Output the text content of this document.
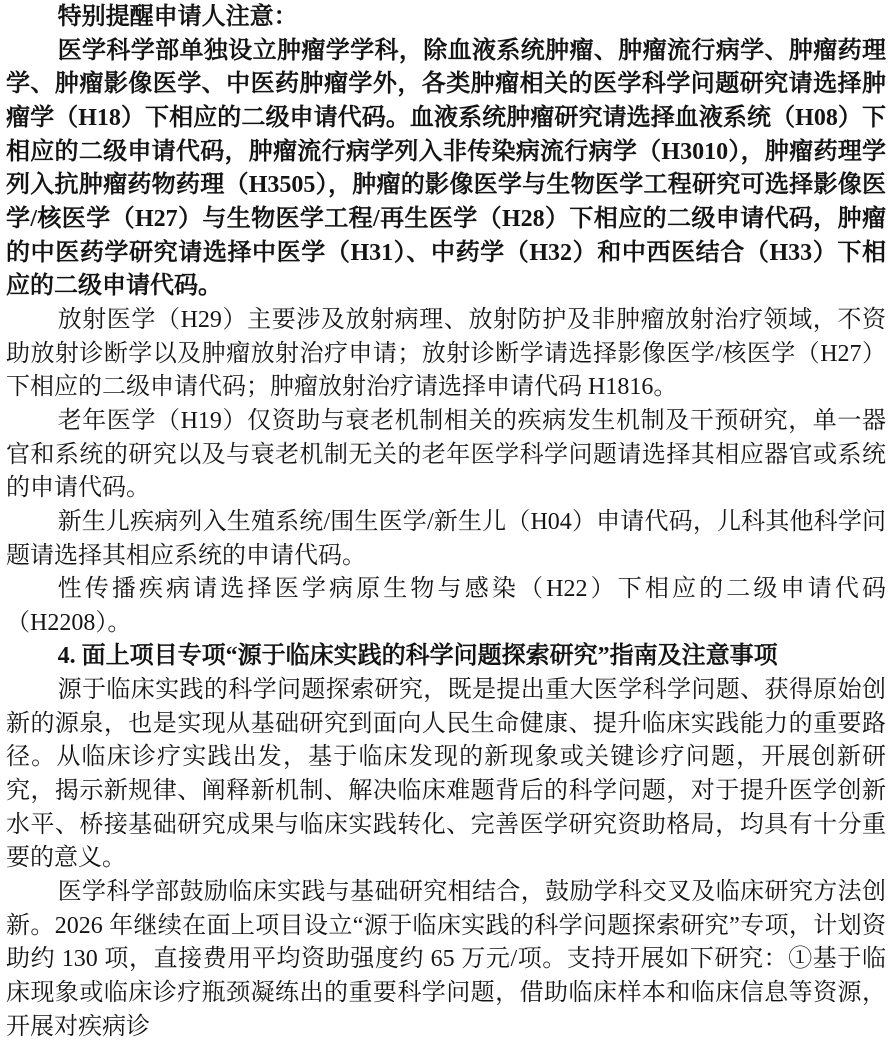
特别提醒申请人注意：

医学科学部单独设立肿瘤学学科，除血液系统肿瘤、肿瘤流行病学、肿瘤药理学、肿瘤影像医学、中医药肿瘤学外，各类肿瘤相关的医学科学问题研究请选择肿瘤学（H18）下相应的二级申请代码。血液系统肿瘤研究请选择血液系统（H08）下相应的二级申请代码，肿瘤流行病学列入非传染病流行病学（H3010），肿瘤药理学列入抗肿瘤药物药理（H3505），肿瘤的影像医学与生物医学工程研究可选择影像医学/核医学（H27）与生物医学工程/再生医学（H28）下相应的二级申请代码，肿瘤的中医药学研究请选择中医学（H31）、中药学（H32）和中西医结合（H33）下相应的二级申请代码。

放射医学（H29）主要涉及放射病理、放射防护及非肿瘤放射治疗领域，不资助放射诊断学以及肿瘤放射治疗申请；放射诊断学请选择影像医学/核医学（H27）下相应的二级申请代码；肿瘤放射治疗请选择申请代码 H1816。

老年医学（H19）仅资助与衰老机制相关的疾病发生机制及干预研究，单一器官和系统的研究以及与衰老机制无关的老年医学科学问题请选择其相应器官或系统的申请代码。

新生儿疾病列入生殖系统/围生医学/新生儿（H04）申请代码，儿科其他科学问题请选择其相应系统的申请代码。

性传播疾病请选择医学病原生物与感染（H22）下相应的二级申请代码（H2208）。

4. 面上项目专项“源于临床实践的科学问题探索研究”指南及注意事项

源于临床实践的科学问题探索研究，既是提出重大医学科学问题、获得原始创新的源泉，也是实现从基础研究到面向人民生命健康、提升临床实践能力的重要路径。从临床诊疗实践出发，基于临床发现的新现象或关键诊疗问题，开展创新研究，揭示新规律、阐释新机制、解决临床难题背后的科学问题，对于提升医学创新水平、桥接基础研究成果与临床实践转化、完善医学研究资助格局，均具有十分重要的意义。

医学科学部鼓励临床实践与基础研究相结合，鼓励学科交叉及临床研究方法创新。2026 年继续在面上项目设立“源于临床实践的科学问题探索研究”专项，计划资助约 130 项，直接费用平均资助强度约 65 万元/项。支持开展如下研究：①基于临床现象或临床诊疗瓶颈凝练出的重要科学问题，借助临床样本和临床信息等资源，开展对疾病诊
